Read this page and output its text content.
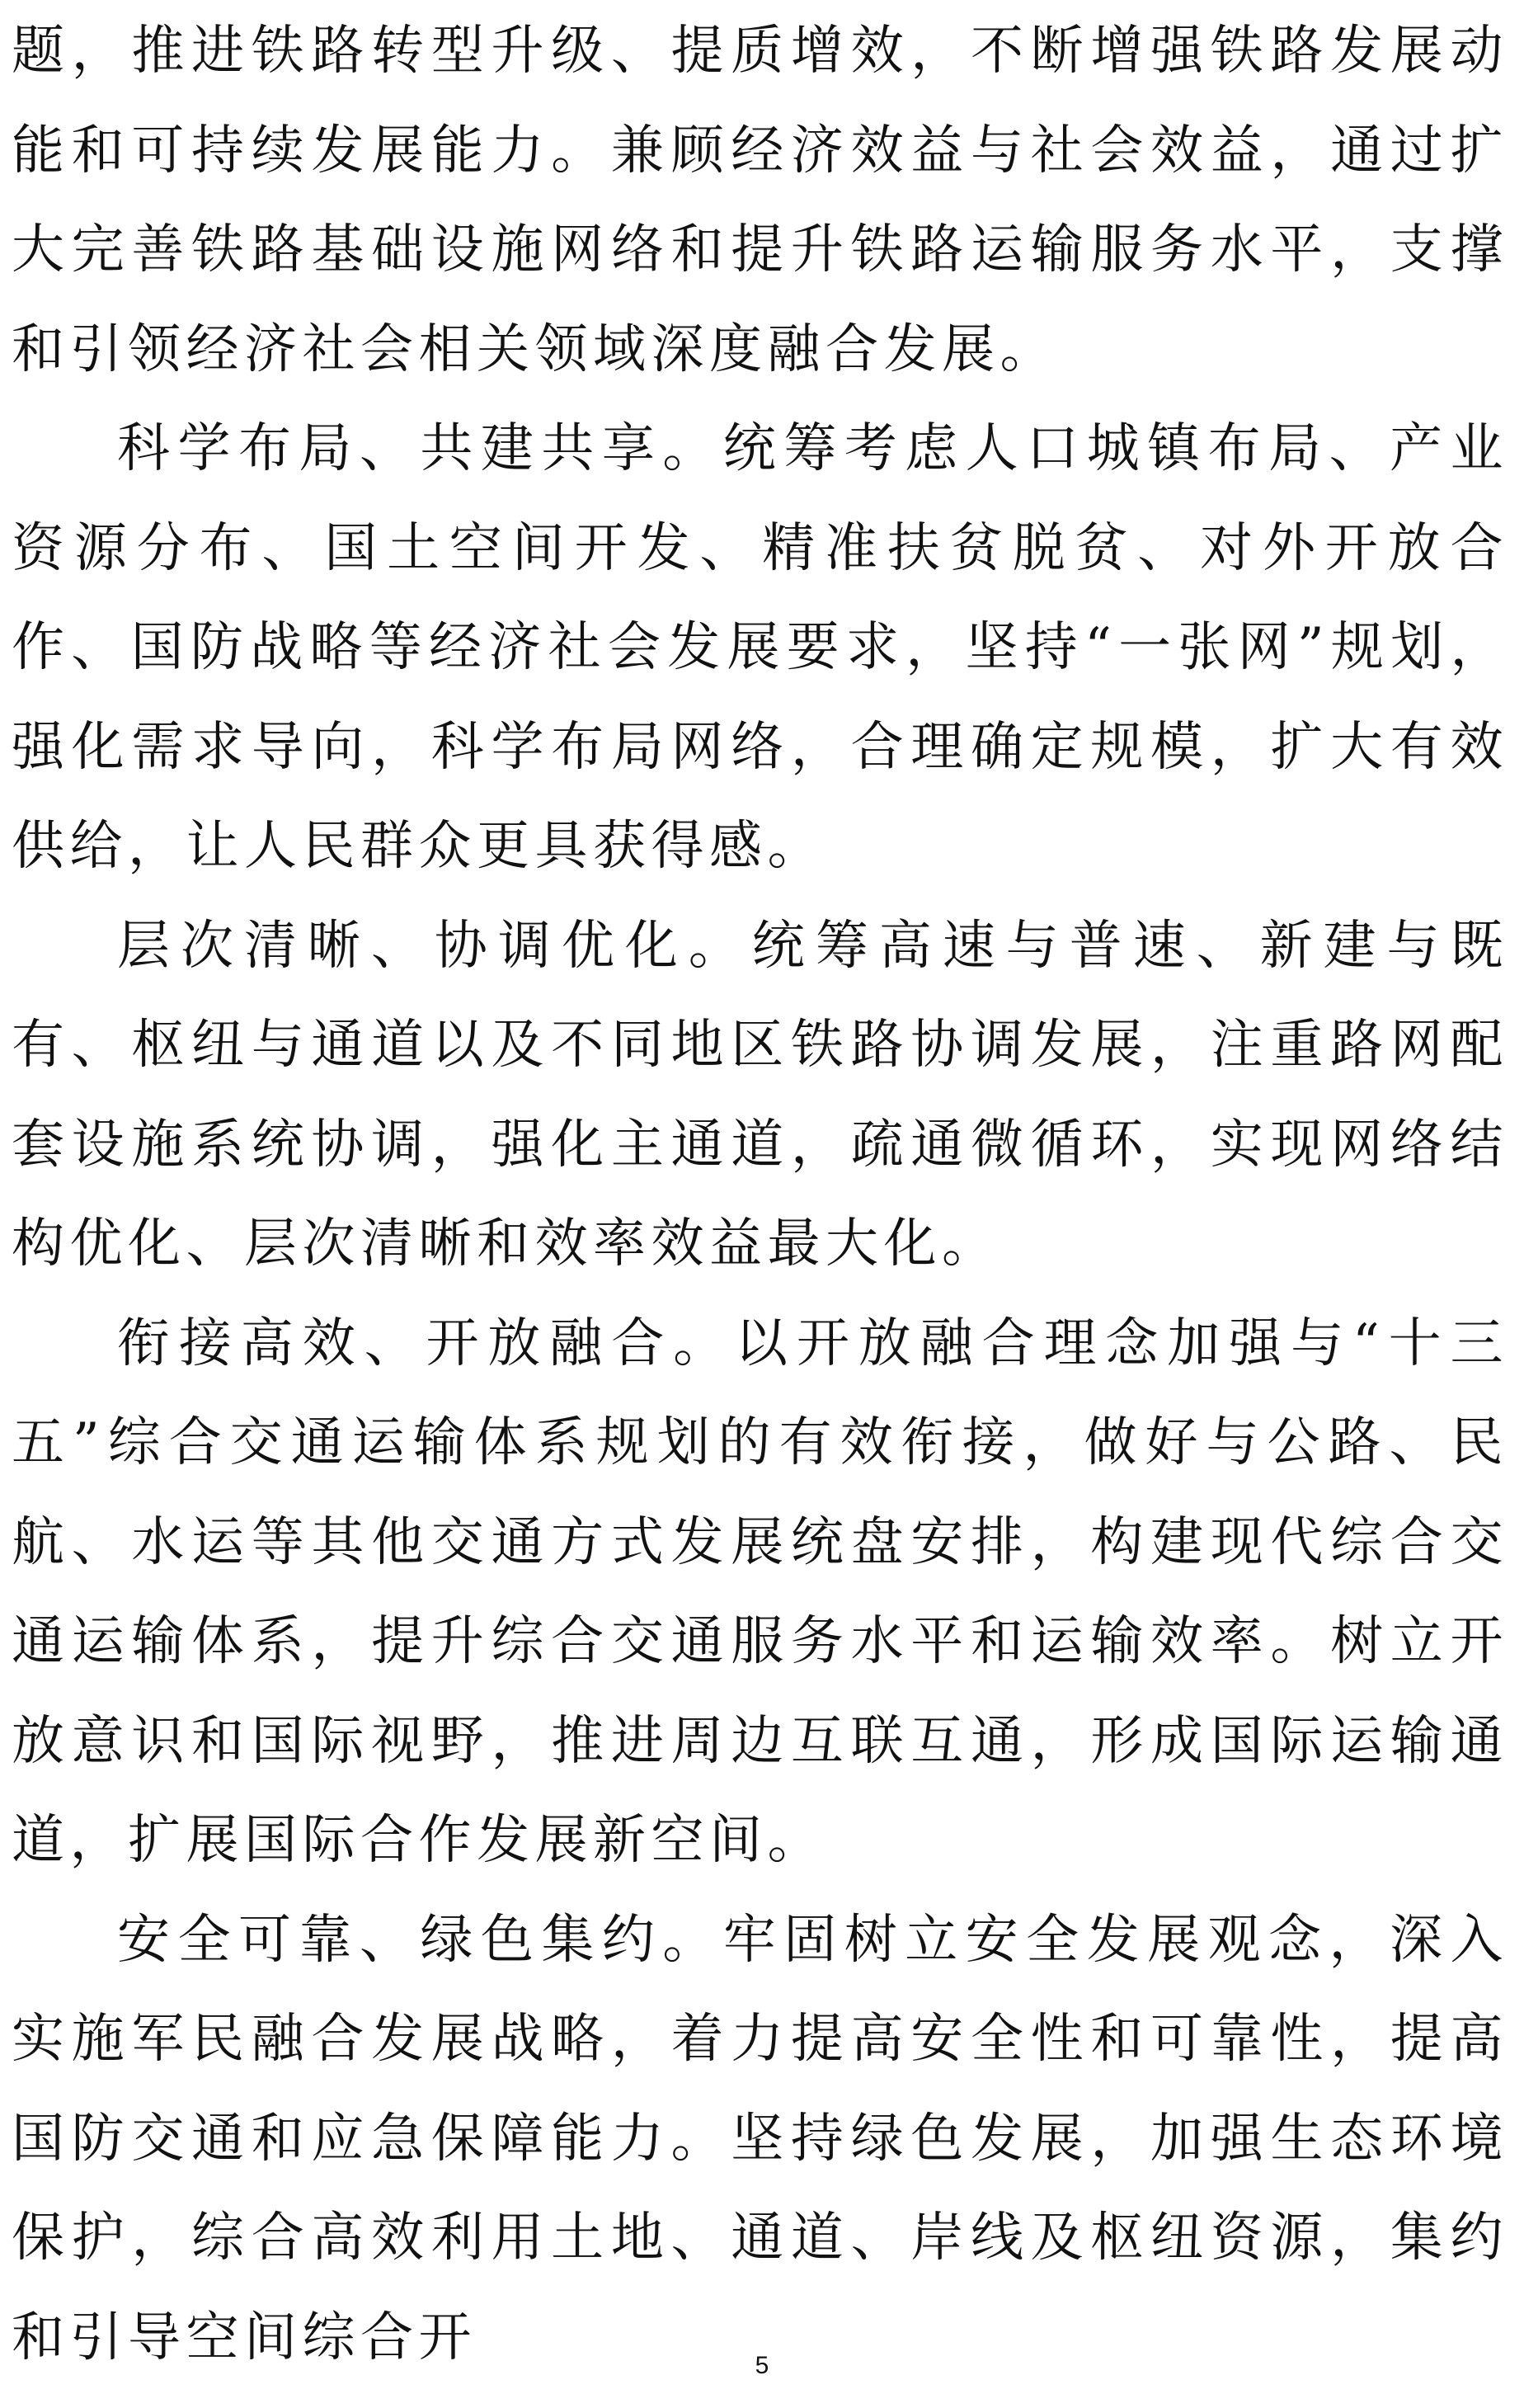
题，推进铁路转型升级、提质增效，不断增强铁路发展动能和可持续发展能力。兼顾经济效益与社会效益，通过扩大完善铁路基础设施网络和提升铁路运输服务水平，支撑和引领经济社会相关领域深度融合发展。

科学布局、共建共享。统筹考虑人口城镇布局、产业资源分布、国土空间开发、精准扶贫脱贫、对外开放合作、国防战略等经济社会发展要求，坚持“一张网”规划，强化需求导向，科学布局网络，合理确定规模，扩大有效供给，让人民群众更具获得感。

层次清晰、协调优化。统筹高速与普速、新建与既有、枢纽与通道以及不同地区铁路协调发展，注重路网配套设施系统协调，强化主通道，疏通微循环，实现网络结构优化、层次清晰和效率效益最大化。

衔接高效、开放融合。以开放融合理念加强与“十三五”综合交通运输体系规划的有效衔接，做好与公路、民航、水运等其他交通方式发展统盘安排，构建现代综合交通运输体系，提升综合交通服务水平和运输效率。树立开放意识和国际视野，推进周边互联互通，形成国际运输通道，扩展国际合作发展新空间。

安全可靠、绿色集约。牢固树立安全发展观念，深入实施军民融合发展战略，着力提高安全性和可靠性，提高国防交通和应急保障能力。坚持绿色发展，加强生态环境保护，综合高效利用土地、通道、岸线及枢纽资源，集约和引导空间综合开	5
